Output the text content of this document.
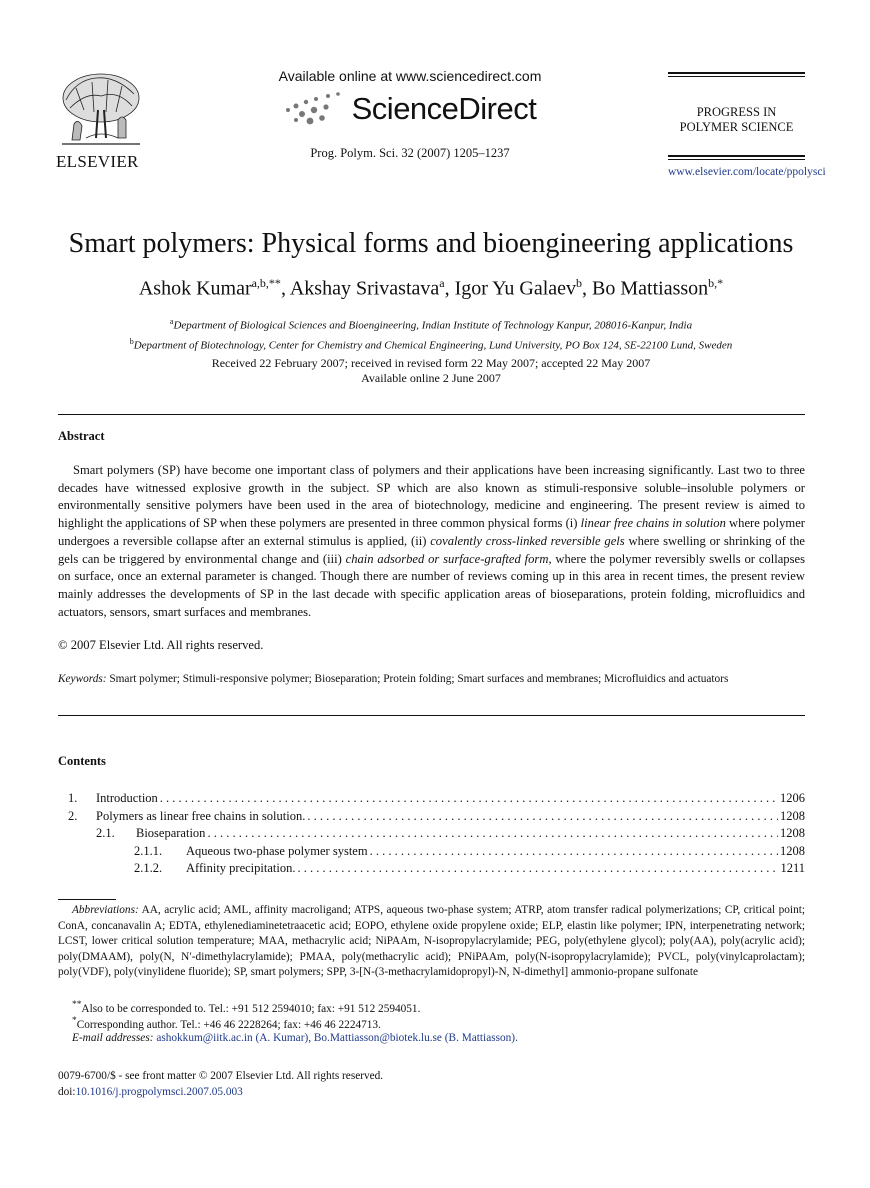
ELSEVIER
Available online at www.sciencedirect.com
ScienceDirect
Prog. Polym. Sci. 32 (2007) 1205–1237
PROGRESS IN
POLYMER SCIENCE
www.elsevier.com/locate/ppolysci
Smart polymers: Physical forms and bioengineering applications
Ashok Kumar$^{a,b,**}$, Akshay Srivastava$^a$, Igor Yu Galaev$^b$, Bo Mattiasson$^{b,*}$
$^a$Department of Biological Sciences and Bioengineering, Indian Institute of Technology Kanpur, 208016-Kanpur, India
$^b$Department of Biotechnology, Center for Chemistry and Chemical Engineering, Lund University, PO Box 124, SE-22100 Lund, Sweden
Received 22 February 2007; received in revised form 22 May 2007; accepted 22 May 2007
Available online 2 June 2007
Abstract
Smart polymers (SP) have become one important class of polymers and their applications have been increasing significantly. Last two to three decades have witnessed explosive growth in the subject. SP which are also known as stimuli-responsive soluble–insoluble polymers or environmentally sensitive polymers have been used in the area of biotechnology, medicine and engineering. The present review is aimed to highlight the applications of SP when these polymers are presented in three common physical forms (i) linear free chains in solution where polymer undergoes a reversible collapse after an external stimulus is applied, (ii) covalently cross-linked reversible gels where swelling or shrinking of the gels can be triggered by environmental change and (iii) chain adsorbed or surface-grafted form, where the polymer reversibly swells or collapses on surface, once an external parameter is changed. Though there are number of reviews coming up in this area in recent times, the present review mainly addresses the developments of SP in the last decade with specific application areas of bioseparations, protein folding, microfluidics and actuators, sensors, smart surfaces and membranes.
© 2007 Elsevier Ltd. All rights reserved.
Keywords: Smart polymer; Stimuli-responsive polymer; Bioseparation; Protein folding; Smart surfaces and membranes; Microfluidics and actuators
Contents
1.	Introduction . . .	1206
2.	Polymers as linear free chains in solution. . . .	1208
2.1.	Bioseparation . . .	1208
2.1.1.	Aqueous two-phase polymer system . . .	1208
2.1.2.	Affinity precipitation. . . .	1211
Abbreviations: AA, acrylic acid; AML, affinity macroligand; ATPS, aqueous two-phase system; ATRP, atom transfer radical polymerizations; CP, critical point; ConA, concanavalin A; EDTA, ethylenediaminetetraacetic acid; EOPO, ethylene oxide propylene oxide; ELP, elastin like polymer; IPN, interpenetrating network; LCST, lower critical solution temperature; MAA, methacrylic acid; NiPAAm, N-isopropylacrylamide; PEG, poly(ethylene glycol); poly(AA), poly(acrylic acid); poly(DMAAM), poly(N, N′-dimethylacrylamide); PMAA, poly(methacrylic acid); PNiPAAm, poly(N-isopropylacrylamide); PVCL, poly(vinylcaprolactam); poly(VDF), poly(vinylidene fluoride); SP, smart polymers; SPP, 3-[N-(3-methacrylamidopropyl)-N, N-dimethyl] ammonio-propane sulfonate
**Also to be corresponded to. Tel.: +91 512 2594010; fax: +91 512 2594051.
*Corresponding author. Tel.: +46 46 2228264; fax: +46 46 2224713.
E-mail addresses: ashokkum@iitk.ac.in (A. Kumar), Bo.Mattiasson@biotek.lu.se (B. Mattiasson).
0079-6700/$ - see front matter © 2007 Elsevier Ltd. All rights reserved.
doi:10.1016/j.progpolymsci.2007.05.003
